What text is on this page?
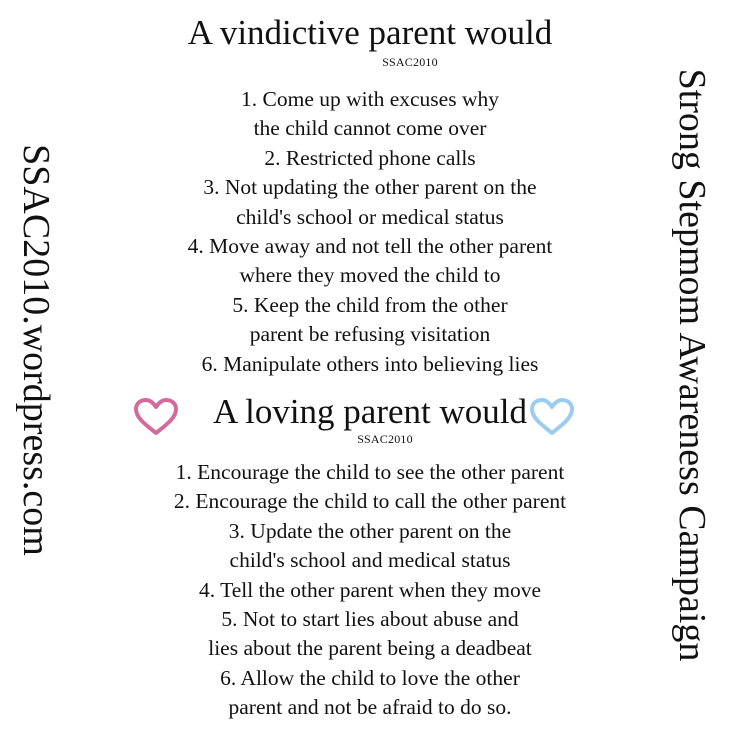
SSAC2010.wordpress.com	Strong Stepmom Awareness Campaign
A vindictive parent would
SSAC2010
1. Come up with excuses why
the child cannot come over
2. Restricted phone calls
3. Not updating the other parent on the
child's school or medical status
4. Move away and not tell the other parent
where they moved the child to
5. Keep the child from the other
parent be refusing visitation
6. Manipulate others into believing lies
A loving parent would
SSAC2010
1. Encourage the child to see the other parent
2. Encourage the child to call the other parent
3. Update the other parent on the
child's school and medical status
4. Tell the other parent when they move
5. Not to start lies about abuse and
lies about the parent being a deadbeat
6. Allow the child to love the other
parent and not be afraid to do so.
